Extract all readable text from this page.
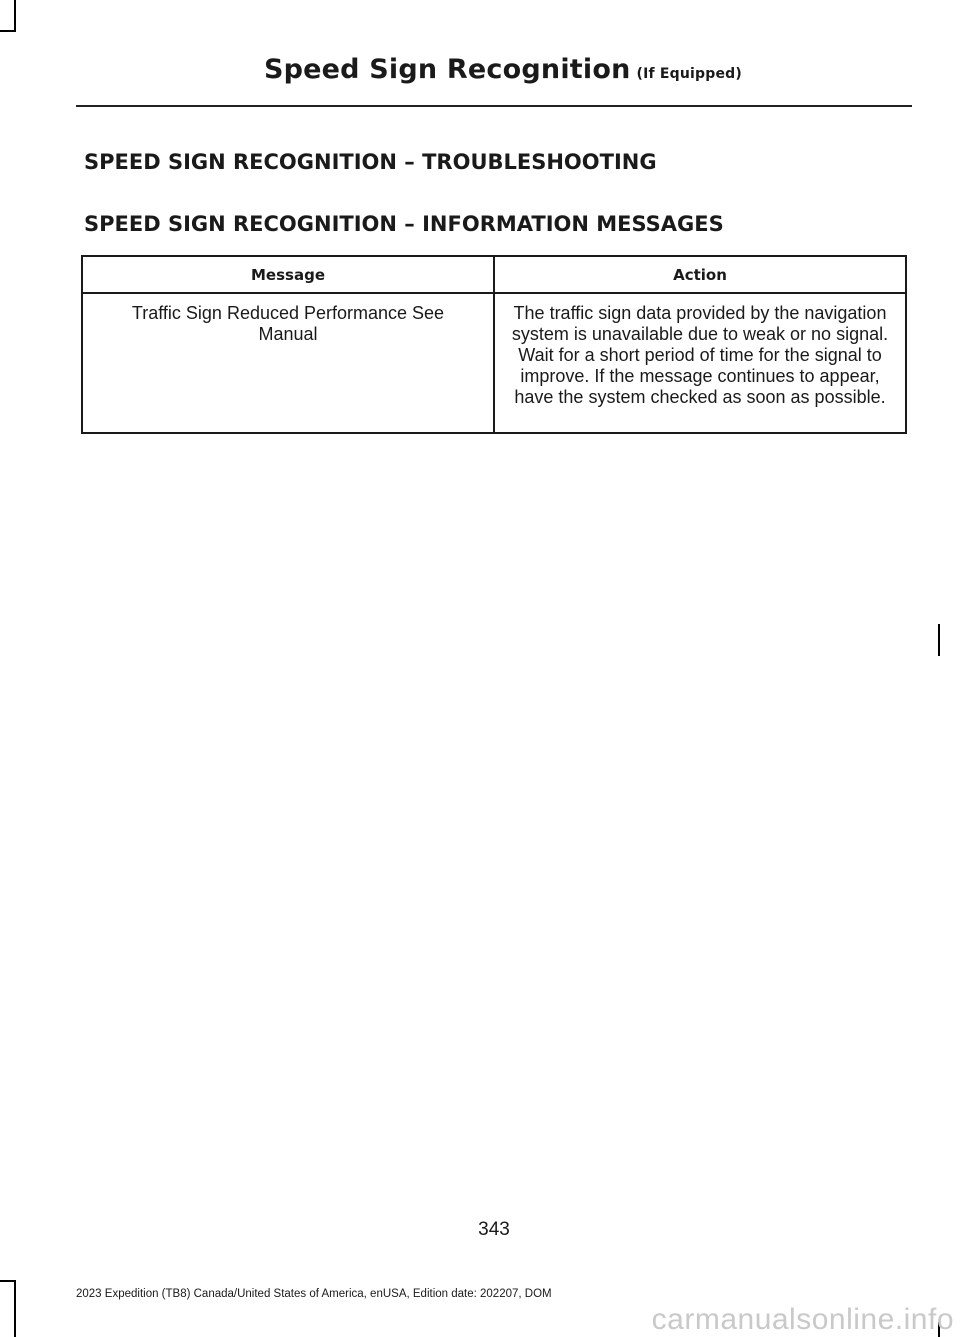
Speed Sign Recognition (If Equipped)
SPEED SIGN RECOGNITION – TROUBLESHOOTING
SPEED SIGN RECOGNITION – INFORMATION MESSAGES
Message	Action
Traffic Sign Reduced Performance See Manual	The traffic sign data provided by the navigation system is unavailable due to weak or no signal. Wait for a short period of time for the signal to improve. If the message continues to appear, have the system checked as soon as possible.
343
2023 Expedition (TB8) Canada/United States of America, enUSA, Edition date: 202207, DOM
carmanualsonline.info
